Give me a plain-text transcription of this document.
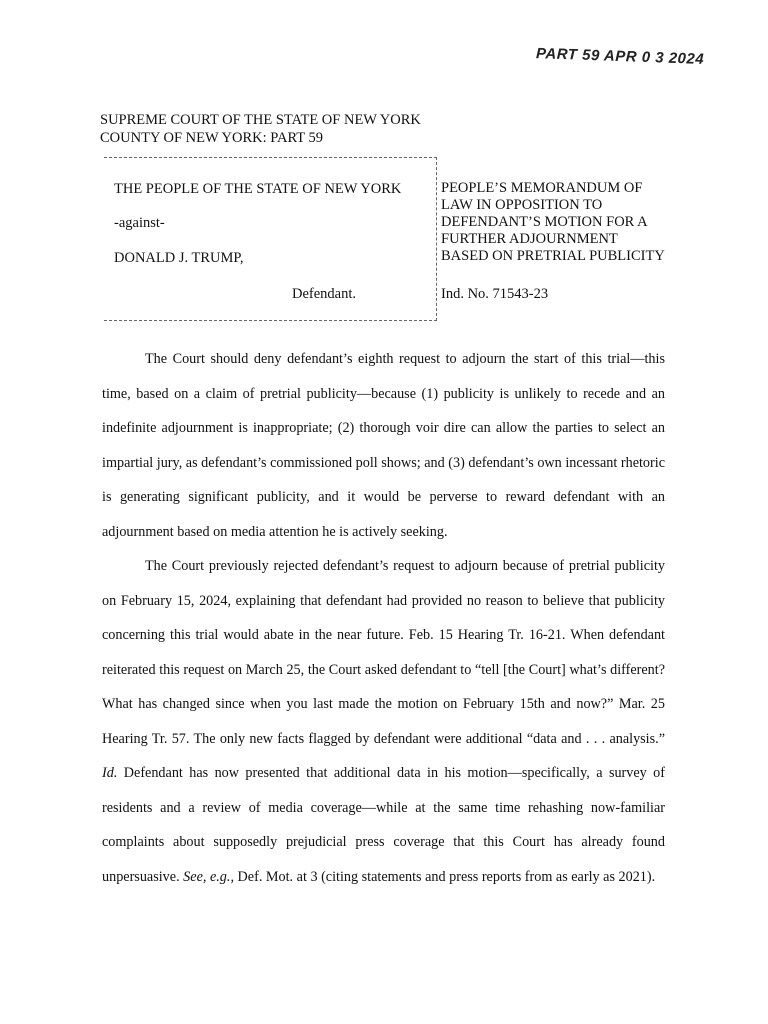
PART 59 APR 0 3 2024
SUPREME COURT OF THE STATE OF NEW YORK
COUNTY OF NEW YORK: PART 59
THE PEOPLE OF THE STATE OF NEW YORK
-against-
DONALD J. TRUMP,
Defendant.
PEOPLE’S MEMORANDUM OF
LAW IN OPPOSITION TO
DEFENDANT’S MOTION FOR A
FURTHER ADJOURNMENT
BASED ON PRETRIAL PUBLICITY
Ind. No. 71543-23

The Court should deny defendant’s eighth request to adjourn the start of this trial—this time, based on a claim of pretrial publicity—because (1) publicity is unlikely to recede and an indefinite adjournment is inappropriate; (2) thorough voir dire can allow the parties to select an impartial jury, as defendant’s commissioned poll shows; and (3) defendant’s own incessant rhetoric is generating significant publicity, and it would be perverse to reward defendant with an adjournment based on media attention he is actively seeking.

The Court previously rejected defendant’s request to adjourn because of pretrial publicity on February 15, 2024, explaining that defendant had provided no reason to believe that publicity concerning this trial would abate in the near future. Feb. 15 Hearing Tr. 16-21. When defendant reiterated this request on March 25, the Court asked defendant to “tell [the Court] what’s different? What has changed since when you last made the motion on February 15th and now?” Mar. 25 Hearing Tr. 57. The only new facts flagged by defendant were additional “data and . . . analysis.” Id. Defendant has now presented that additional data in his motion—specifically, a survey of residents and a review of media coverage—while at the same time rehashing now-familiar complaints about supposedly prejudicial press coverage that this Court has already found unpersuasive. See, e.g., Def. Mot. at 3 (citing statements and press reports from as early as 2021).
